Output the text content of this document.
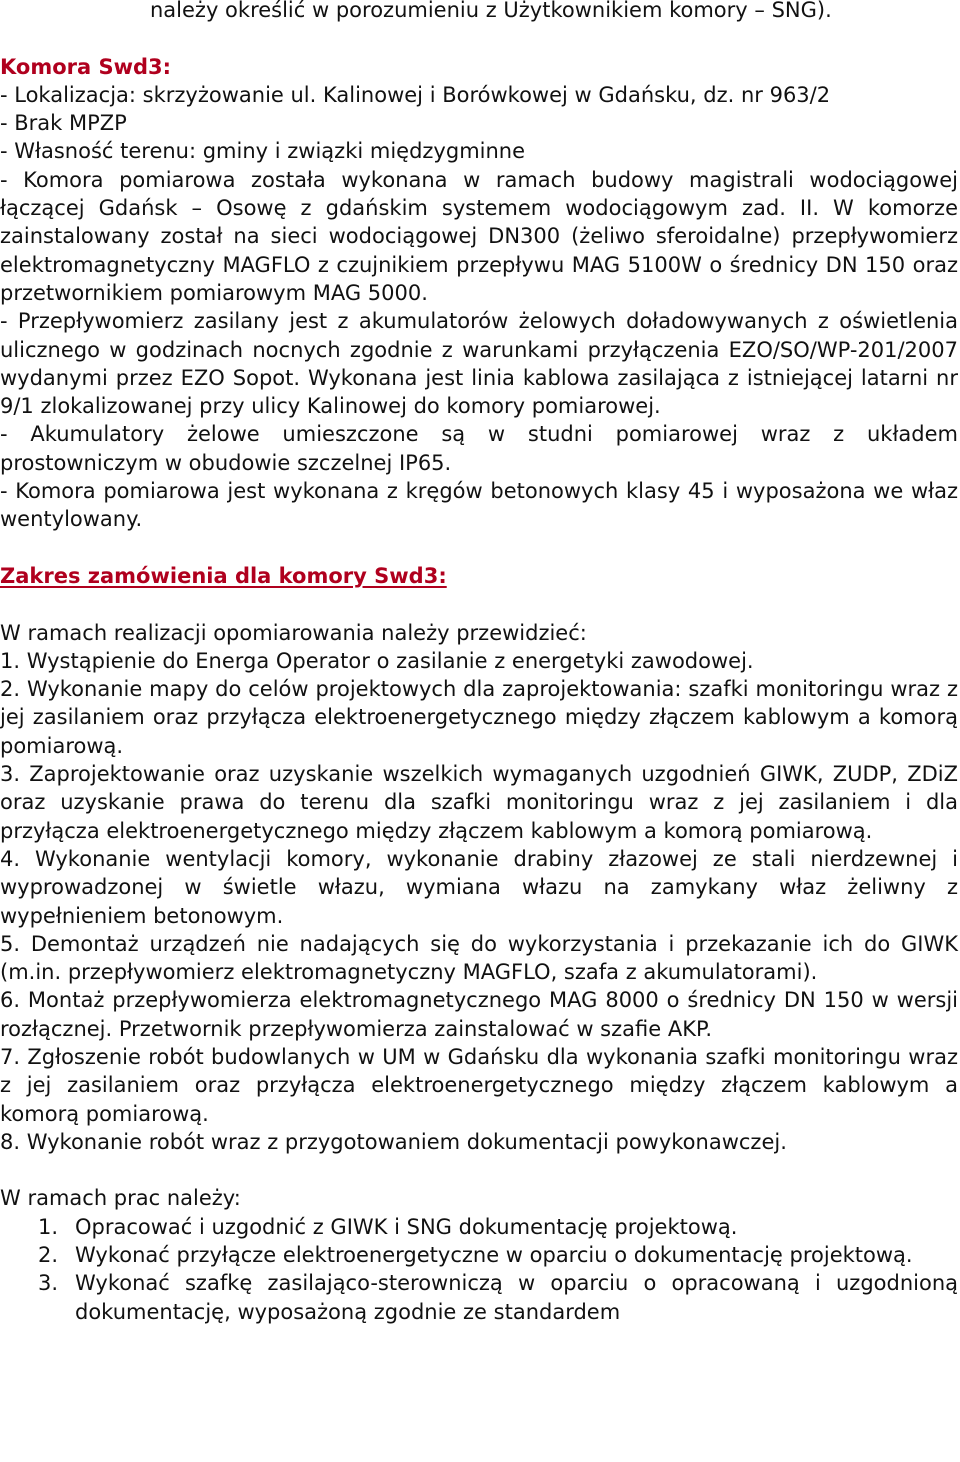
należy określić w porozumieniu z Użytkownikiem komory – SNG).

Komora Swd3:

- Lokalizacja: skrzyżowanie ul. Kalinowej i Borówkowej w Gdańsku, dz. nr 963/2

- Brak MPZP

- Własność terenu: gminy i związki międzygminne

- Komora pomiarowa została wykonana w ramach budowy magistrali wodociągowej łączącej Gdańsk – Osowę z gdańskim systemem wodociągowym zad. II. W komorze zainstalowany został na sieci wodociągowej DN300 (żeliwo sferoidalne) przepływomierz elektromagnetyczny MAGFLO z czujnikiem przepływu MAG 5100W o średnicy DN 150 oraz przetwornikiem pomiarowym MAG 5000.

- Przepływomierz zasilany jest z akumulatorów żelowych doładowywanych z oświetlenia ulicznego w godzinach nocnych zgodnie z warunkami przyłączenia EZO/SO/WP-201/2007 wydanymi przez EZO Sopot. Wykonana jest linia kablowa zasilająca z istniejącej latarni nr 9/1 zlokalizowanej przy ulicy Kalinowej do komory pomiarowej.

- Akumulatory żelowe umieszczone są w studni pomiarowej wraz z układem prostowniczym w obudowie szczelnej IP65.

- Komora pomiarowa jest wykonana z kręgów betonowych klasy 45 i wyposażona we właz wentylowany.

Zakres zamówienia dla komory Swd3:

W ramach realizacji opomiarowania należy przewidzieć:

1. Wystąpienie do Energa Operator o zasilanie z energetyki zawodowej.

2. Wykonanie mapy do celów projektowych dla zaprojektowania: szafki monitoringu wraz z jej zasilaniem oraz przyłącza elektroenergetycznego między złączem kablowym a komorą pomiarową.

3. Zaprojektowanie oraz uzyskanie wszelkich wymaganych uzgodnień GIWK, ZUDP, ZDiZ oraz uzyskanie prawa do terenu dla szafki monitoringu wraz z jej zasilaniem i dla przyłącza elektroenergetycznego między złączem kablowym a komorą pomiarową.

4. Wykonanie wentylacji komory, wykonanie drabiny złazowej ze stali nierdzewnej i wyprowadzonej w świetle włazu, wymiana włazu na zamykany właz żeliwny z wypełnieniem betonowym.

5. Demontaż urządzeń nie nadających się do wykorzystania i przekazanie ich do GIWK (m.in. przepływomierz elektromagnetyczny MAGFLO, szafa z akumulatorami).

6. Montaż przepływomierza elektromagnetycznego MAG 8000 o średnicy DN 150 w wersji rozłącznej. Przetwornik przepływomierza zainstalować w szafie AKP.

7. Zgłoszenie robót budowlanych w UM w Gdańsku dla wykonania szafki monitoringu wraz z jej zasilaniem oraz przyłącza elektroenergetycznego między złączem kablowym a komorą pomiarową.

8. Wykonanie robót wraz z przygotowaniem dokumentacji powykonawczej.

W ramach prac należy:

1. Opracować i uzgodnić z GIWK i SNG dokumentację projektową.
2. Wykonać przyłącze elektroenergetyczne w oparciu o dokumentację projektową.
3. Wykonać szafkę zasilająco-sterowniczą w oparciu o opracowaną i uzgodnioną dokumentację, wyposażoną zgodnie ze standardem
